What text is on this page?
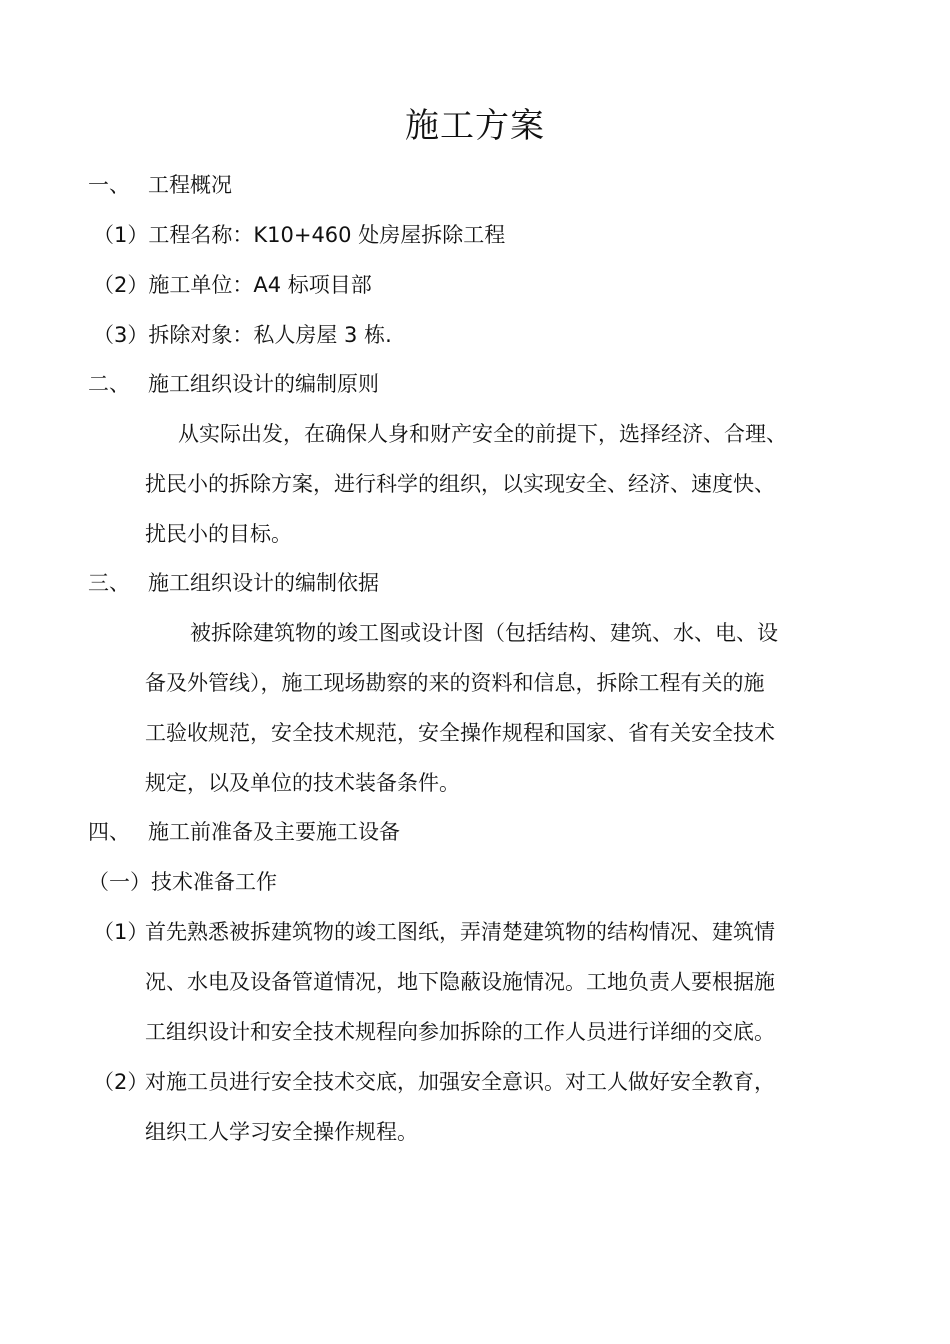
施工方案
一、 工程概况
（1）工程名称：K10+460 处房屋拆除工程
（2）施工单位：A4 标项目部
（3）拆除对象：私人房屋 3 栋.
二、 施工组织设计的编制原则
从实际出发，在确保人身和财产安全的前提下，选择经济、合理、
扰民小的拆除方案，进行科学的组织，以实现安全、经济、速度快、
扰民小的目标。
三、 施工组织设计的编制依据
被拆除建筑物的竣工图或设计图（包括结构、建筑、水、电、设
备及外管线），施工现场勘察的来的资料和信息，拆除工程有关的施
工验收规范，安全技术规范，安全操作规程和国家、省有关安全技术
规定，以及单位的技术装备条件。
四、 施工前准备及主要施工设备
（一）技术准备工作
（1）
首先熟悉被拆建筑物的竣工图纸，弄清楚建筑物的结构情况、建筑情
况、水电及设备管道情况，地下隐蔽设施情况。工地负责人要根据施
工组织设计和安全技术规程向参加拆除的工作人员进行详细的交底。
（2）
对施工员进行安全技术交底，加强安全意识。对工人做好安全教育，
组织工人学习安全操作规程。
